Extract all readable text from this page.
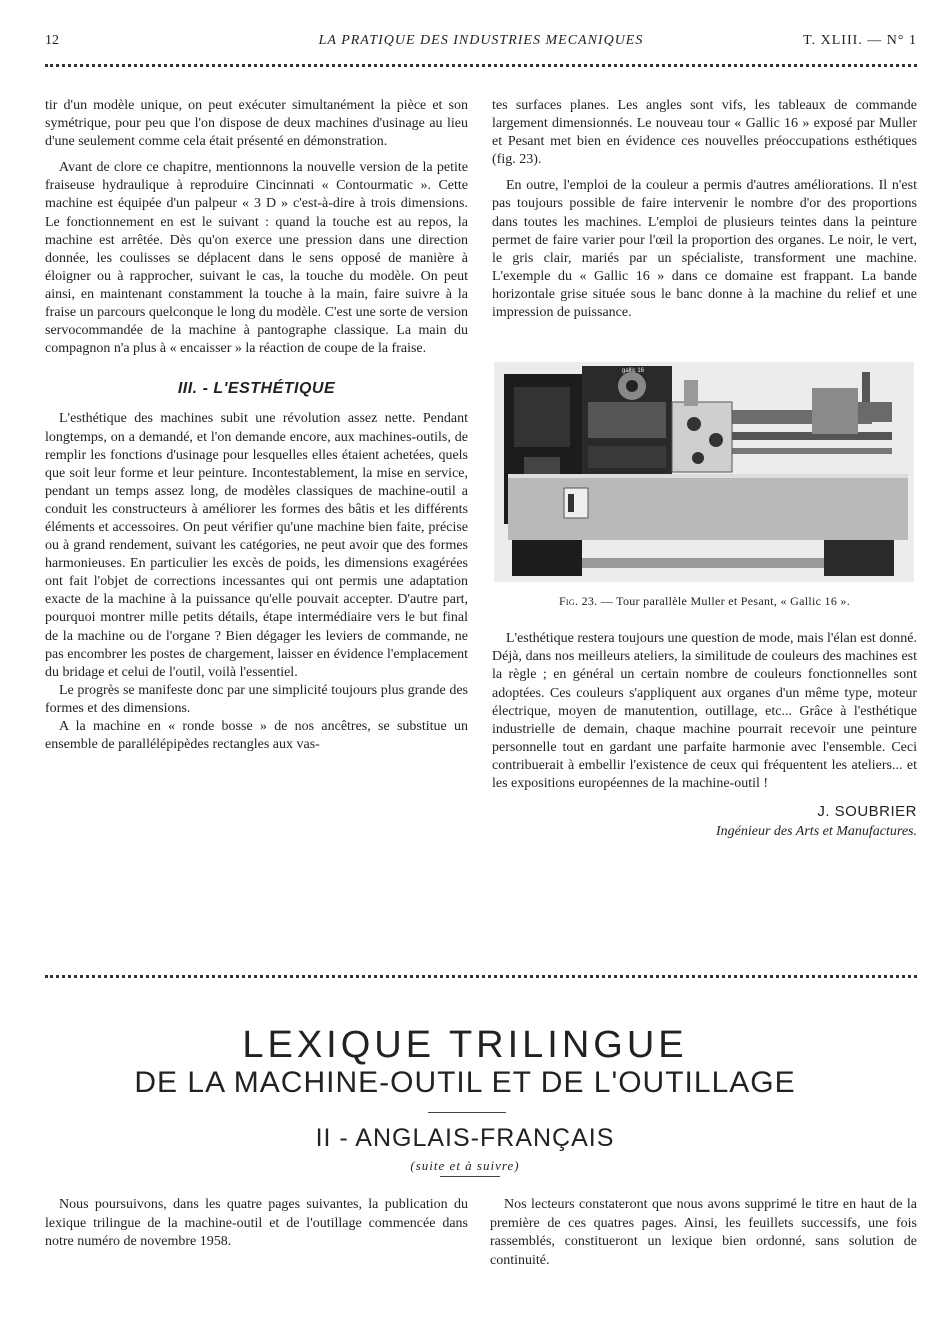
12	LA PRATIQUE DES INDUSTRIES MECANIQUES	T. XLIII. — N° 1

tir d'un modèle unique, on peut exécuter simultanément la pièce et son symétrique, pour peu que l'on dispose de deux machines d'usinage au lieu d'une seulement comme cela était présenté en démonstration.

Avant de clore ce chapitre, mentionnons la nouvelle version de la petite fraiseuse hydraulique à reproduire Cincinnati « Contourmatic ». Cette machine est équipée d'un palpeur « 3 D » c'est-à-dire à trois dimensions. Le fonctionnement en est le suivant : quand la touche est au repos, la machine est arrêtée. Dès qu'on exerce une pression dans une direction donnée, les coulisses se déplacent dans le sens opposé de manière à éloigner ou à rapprocher, suivant le cas, la touche du modèle. On peut ainsi, en maintenant constamment la touche à la main, faire suivre à la fraise un parcours quelconque le long du modèle. C'est une sorte de version servocommandée de la machine à pantographe classique. La main du compagnon n'a plus à « encaisser » la réaction de coupe de la fraise.

III. - L'ESTHÉTIQUE

L'esthétique des machines subit une révolution assez nette. Pendant longtemps, on a demandé, et l'on demande encore, aux machines-outils, de remplir les fonctions d'usinage pour lesquelles elles étaient achetées, quels que soit leur forme et leur peinture. Incontestablement, la mise en service, pendant un temps assez long, de modèles classiques de machine-outil a conduit les constructeurs à améliorer les formes des bâtis et les différents éléments et accessoires. On peut vérifier qu'une machine bien faite, précise ou à grand rendement, suivant les catégories, ne peut avoir que des formes harmonieuses. En particulier les excès de poids, les dimensions exagérées ont fait l'objet de corrections incessantes qui ont permis une adaptation exacte de la machine à la puissance qu'elle pouvait accepter. D'autre part, pourquoi montrer mille petits détails, étape intermédiaire vers le but final de la machine ou de l'organe ? Bien dégager les leviers de commande, ne pas encombrer les postes de chargement, laisser en évidence l'emplacement du bridage et celui de l'outil, voilà l'essentiel.

Le progrès se manifeste donc par une simplicité toujours plus grande des formes et des dimensions.

A la machine en « ronde bosse » de nos ancêtres, se substitue un ensemble de parallélépipèdes rectangles aux vas-

tes surfaces planes. Les angles sont vifs, les tableaux de commande largement dimensionnés. Le nouveau tour « Gallic 16 » exposé par Muller et Pesant met bien en évidence ces nouvelles préoccupations esthétiques (fig. 23).

En outre, l'emploi de la couleur a permis d'autres améliorations. Il n'est pas toujours possible de faire intervenir le nombre d'or des proportions dans toutes les machines. L'emploi de plusieurs teintes dans la peinture permet de faire varier pour l'œil la proportion des organes. Le noir, le vert, le gris clair, mariés par un spécialiste, transforment une machine. L'exemple du « Gallic 16 » dans ce domaine est frappant. La bande horizontale grise située sous le banc donne à la machine du relief et une impression de puissance.

gallic 16
Fig. 23. — Tour parallèle Muller et Pesant, « Gallic 16 ».

L'esthétique restera toujours une question de mode, mais l'élan est donné. Déjà, dans nos meilleurs ateliers, la similitude de couleurs des machines est la règle ; en général un certain nombre de couleurs fonctionnelles sont adoptées. Ces couleurs s'appliquent aux organes d'un même type, moteur électrique, moyen de manutention, outillage, etc... Grâce à l'esthétique industrielle de demain, chaque machine pourrait recevoir une peinture personnelle tout en gardant une parfaite harmonie avec l'ensemble. Ceci contribuerait à embellir l'existence de ceux qui fréquentent les ateliers... et les expositions européennes de la machine-outil !

J. SOUBRIER
Ingénieur des Arts et Manufactures.
LEXIQUE TRILINGUE
DE LA MACHINE-OUTIL ET DE L'OUTILLAGE
II - ANGLAIS-FRANÇAIS
(suite et à suivre)

Nous poursuivons, dans les quatre pages suivantes, la publication du lexique trilingue de la machine-outil et de l'outillage commencée dans notre numéro de novembre 1958.

Nos lecteurs constateront que nous avons supprimé le titre en haut de la première de ces quatres pages. Ainsi, les feuillets successifs, une fois rassemblés, constitueront un lexique bien ordonné, sans solution de continuité.
